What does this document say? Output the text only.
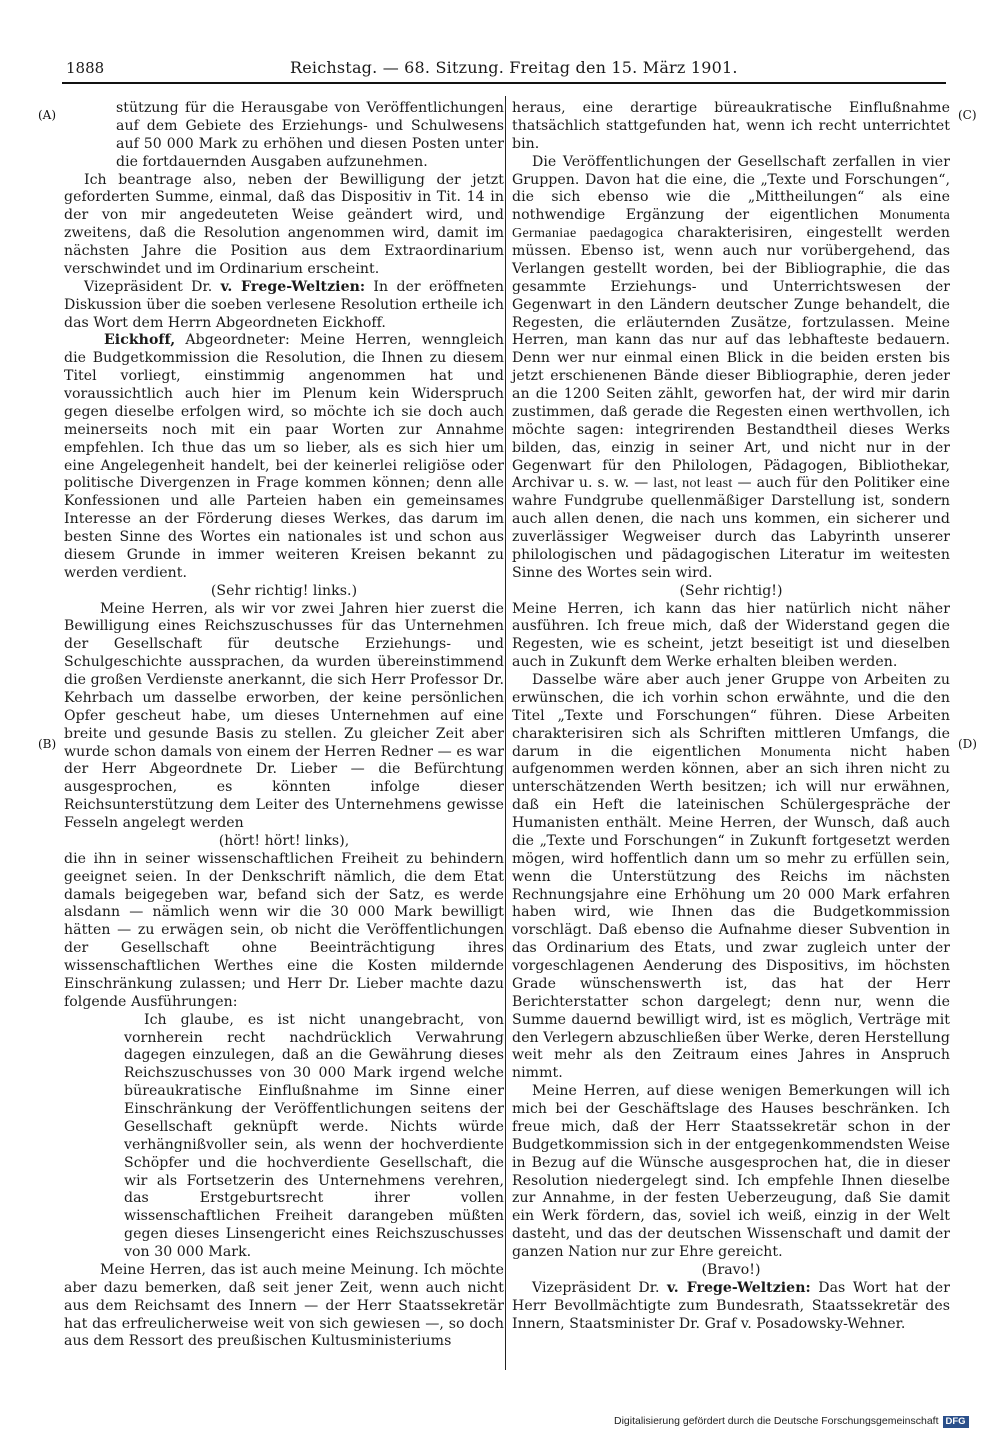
1888	Reichstag. — 68. Sitzung. Freitag den 15. März 1901.
(A)
(B)
(C)
(D)

stützung für die Herausgabe von Veröffentlichungen auf dem Gebiete des Erziehungs- und Schulwesens auf 50 000 Mark zu erhöhen und diesen Posten unter die fortdauernden Ausgaben aufzunehmen.

Ich beantrage also, neben der Bewilligung der jetzt geforderten Summe, einmal, daß das Dispositiv in Tit. 14 in der von mir angedeuteten Weise geändert wird, und zweitens, daß die Resolution angenommen wird, damit im nächsten Jahre die Position aus dem Extraordinarium verschwindet und im Ordinarium erscheint.

Vizepräsident Dr. v. Frege-Weltzien: In der eröffneten Diskussion über die soeben verlesene Resolution ertheile ich das Wort dem Herrn Abgeordneten Eickhoff.

Eickhoff, Abgeordneter: Meine Herren, wenngleich die Budgetkommission die Resolution, die Ihnen zu diesem Titel vorliegt, einstimmig angenommen hat und voraussichtlich auch hier im Plenum kein Widerspruch gegen dieselbe erfolgen wird, so möchte ich sie doch auch meinerseits noch mit ein paar Worten zur Annahme empfehlen. Ich thue das um so lieber, als es sich hier um eine Angelegenheit handelt, bei der keinerlei religiöse oder politische Divergenzen in Frage kommen können; denn alle Konfessionen und alle Parteien haben ein gemeinsames Interesse an der Förderung dieses Werkes, das darum im besten Sinne des Wortes ein nationales ist und schon aus diesem Grunde in immer weiteren Kreisen bekannt zu werden verdient.

(Sehr richtig! links.)

Meine Herren, als wir vor zwei Jahren hier zuerst die Bewilligung eines Reichszuschusses für das Unternehmen der Gesellschaft für deutsche Erziehungs- und Schulgeschichte aussprachen, da wurden übereinstimmend die großen Verdienste anerkannt, die sich Herr Professor Dr. Kehrbach um dasselbe erworben, der keine persönlichen Opfer gescheut habe, um dieses Unternehmen auf eine breite und gesunde Basis zu stellen. Zu gleicher Zeit aber wurde schon damals von einem der Herren Redner — es war der Herr Abgeordnete Dr. Lieber — die Befürchtung ausgesprochen, es könnten infolge dieser Reichsunterstützung dem Leiter des Unternehmens gewisse Fesseln angelegt werden

(hört! hört! links),

die ihn in seiner wissenschaftlichen Freiheit zu behindern geeignet seien. In der Denkschrift nämlich, die dem Etat damals beigegeben war, befand sich der Satz, es werde alsdann — nämlich wenn wir die 30 000 Mark bewilligt hätten — zu erwägen sein, ob nicht die Veröffentlichungen der Gesellschaft ohne Beeinträchtigung ihres wissenschaftlichen Werthes eine die Kosten mildernde Einschränkung zulassen; und Herr Dr. Lieber machte dazu folgende Ausführungen:

Ich glaube, es ist nicht unangebracht, von vornherein recht nachdrücklich Verwahrung dagegen einzulegen, daß an die Gewährung dieses Reichszuschusses von 30 000 Mark irgend welche büreaukratische Einflußnahme im Sinne einer Einschränkung der Veröffentlichungen seitens der Gesellschaft geknüpft werde. Nichts würde verhängnißvoller sein, als wenn der hochverdiente Schöpfer und die hochverdiente Gesellschaft, die wir als Fortsetzerin des Unternehmens verehren, das Erstgeburtsrecht ihrer vollen wissenschaftlichen Freiheit darangeben müßten gegen dieses Linsengericht eines Reichszuschusses von 30 000 Mark.

Meine Herren, das ist auch meine Meinung. Ich möchte aber dazu bemerken, daß seit jener Zeit, wenn auch nicht aus dem Reichsamt des Innern — der Herr Staatssekretär hat das erfreulicherweise weit von sich gewiesen —, so doch aus dem Ressort des preußischen Kultusministeriums

heraus, eine derartige büreaukratische Einflußnahme thatsächlich stattgefunden hat, wenn ich recht unterrichtet bin.

Die Veröffentlichungen der Gesellschaft zerfallen in vier Gruppen. Davon hat die eine, die „Texte und Forschungen“, die sich ebenso wie die „Mittheilungen“ als eine nothwendige Ergänzung der eigentlichen Monumenta Germaniae paedagogica charakterisiren, eingestellt werden müssen. Ebenso ist, wenn auch nur vorübergehend, das Verlangen gestellt worden, bei der Bibliographie, die das gesammte Erziehungs- und Unterrichtswesen der Gegenwart in den Ländern deutscher Zunge behandelt, die Regesten, die erläuternden Zusätze, fortzulassen. Meine Herren, man kann das nur auf das lebhafteste bedauern. Denn wer nur einmal einen Blick in die beiden ersten bis jetzt erschienenen Bände dieser Bibliographie, deren jeder an die 1200 Seiten zählt, geworfen hat, der wird mir darin zustimmen, daß gerade die Regesten einen werthvollen, ich möchte sagen: integrirenden Bestandtheil dieses Werks bilden, das, einzig in seiner Art, und nicht nur in der Gegenwart für den Philologen, Pädagogen, Bibliothekar, Archivar u. s. w. — last, not least — auch für den Politiker eine wahre Fundgrube quellenmäßiger Darstellung ist, sondern auch allen denen, die nach uns kommen, ein sicherer und zuverlässiger Wegweiser durch das Labyrinth unserer philologischen und pädagogischen Literatur im weitesten Sinne des Wortes sein wird.

(Sehr richtig!)

Meine Herren, ich kann das hier natürlich nicht näher ausführen. Ich freue mich, daß der Widerstand gegen die Regesten, wie es scheint, jetzt beseitigt ist und dieselben auch in Zukunft dem Werke erhalten bleiben werden.

Dasselbe wäre aber auch jener Gruppe von Arbeiten zu erwünschen, die ich vorhin schon erwähnte, und die den Titel „Texte und Forschungen“ führen. Diese Arbeiten charakterisiren sich als Schriften mittleren Umfangs, die darum in die eigentlichen Monumenta nicht haben aufgenommen werden können, aber an sich ihren nicht zu unterschätzenden Werth besitzen; ich will nur erwähnen, daß ein Heft die lateinischen Schülergespräche der Humanisten enthält. Meine Herren, der Wunsch, daß auch die „Texte und Forschungen“ in Zukunft fortgesetzt werden mögen, wird hoffentlich dann um so mehr zu erfüllen sein, wenn die Unterstützung des Reichs im nächsten Rechnungsjahre eine Erhöhung um 20 000 Mark erfahren haben wird, wie Ihnen das die Budgetkommission vorschlägt. Daß ebenso die Aufnahme dieser Subvention in das Ordinarium des Etats, und zwar zugleich unter der vorgeschlagenen Aenderung des Dispositivs, im höchsten Grade wünschenswerth ist, das hat der Herr Berichterstatter schon dargelegt; denn nur, wenn die Summe dauernd bewilligt wird, ist es möglich, Verträge mit den Verlegern abzuschließen über Werke, deren Herstellung weit mehr als den Zeitraum eines Jahres in Anspruch nimmt.

Meine Herren, auf diese wenigen Bemerkungen will ich mich bei der Geschäftslage des Hauses beschränken. Ich freue mich, daß der Herr Staatssekretär schon in der Budgetkommission sich in der entgegenkommendsten Weise in Bezug auf die Wünsche ausgesprochen hat, die in dieser Resolution niedergelegt sind. Ich empfehle Ihnen dieselbe zur Annahme, in der festen Ueberzeugung, daß Sie damit ein Werk fördern, das, soviel ich weiß, einzig in der Welt dasteht, und das der deutschen Wissenschaft und damit der ganzen Nation nur zur Ehre gereicht.

(Bravo!)

Vizepräsident Dr. v. Frege-Weltzien: Das Wort hat der Herr Bevollmächtigte zum Bundesrath, Staatssekretär des Innern, Staatsminister Dr. Graf v. Posadowsky-Wehner.

Digitalisierung gefördert durch die Deutsche Forschungsgemeinschaft DFG
